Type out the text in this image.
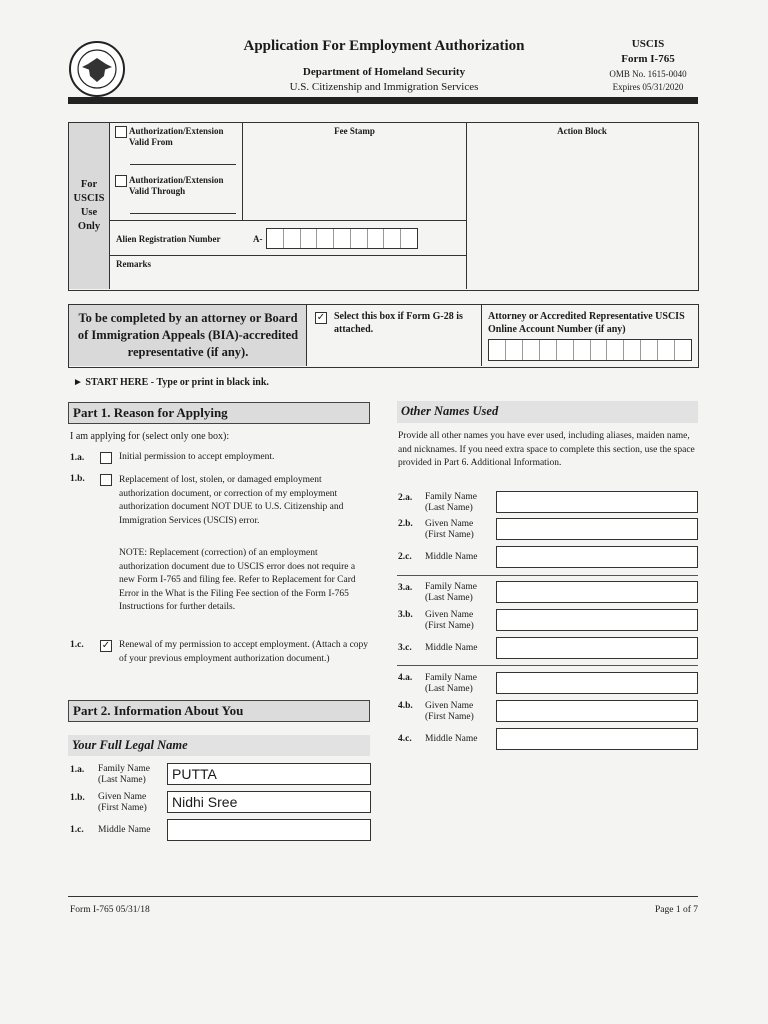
Application For Employment Authorization
Department of Homeland Security
U.S. Citizenship and Immigration Services
USCIS
Form I-765
OMB No. 1615-0040
Expires 05/31/2020
For
USCIS
Use
Only
Authorization/Extension Valid From
Authorization/Extension Valid Through
Fee Stamp	Action Block
Alien Registration Number	A-
Remarks
To be completed by an attorney or Board of Immigration Appeals (BIA)-accredited representative (if any).
✓ Select this box if Form G-28 is attached.
Attorney or Accredited Representative USCIS Online Account Number (if any)
► START HERE - Type or print in black ink.
Part 1. Reason for Applying
I am applying for (select only one box):
1.a.	Initial permission to accept employment.
1.b.	Replacement of lost, stolen, or damaged employment authorization document, or correction of my employment authorization document NOT DUE to U.S. Citizenship and Immigration Services (USCIS) error.
NOTE: Replacement (correction) of an employment authorization document due to USCIS error does not require a new Form I-765 and filing fee. Refer to Replacement for Card Error in the What is the Filing Fee section of the Form I-765 Instructions for further details.
1.c. ✓ Renewal of my permission to accept employment. (Attach a copy of your previous employment authorization document.)
Part 2. Information About You
Your Full Legal Name
1.a. Family Name (Last Name)	PUTTA
1.b. Given Name (First Name)	Nidhi Sree
1.c. Middle Name
Other Names Used
Provide all other names you have ever used, including aliases, maiden name, and nicknames. If you need extra space to complete this section, use the space provided in Part 6. Additional Information.
2.a. Family Name (Last Name)
2.b. Given Name (First Name)
2.c. Middle Name
3.a. Family Name (Last Name)
3.b. Given Name (First Name)
3.c. Middle Name
4.a. Family Name (Last Name)
4.b. Given Name (First Name)
4.c. Middle Name
Form I-765 05/31/18	Page 1 of 7
